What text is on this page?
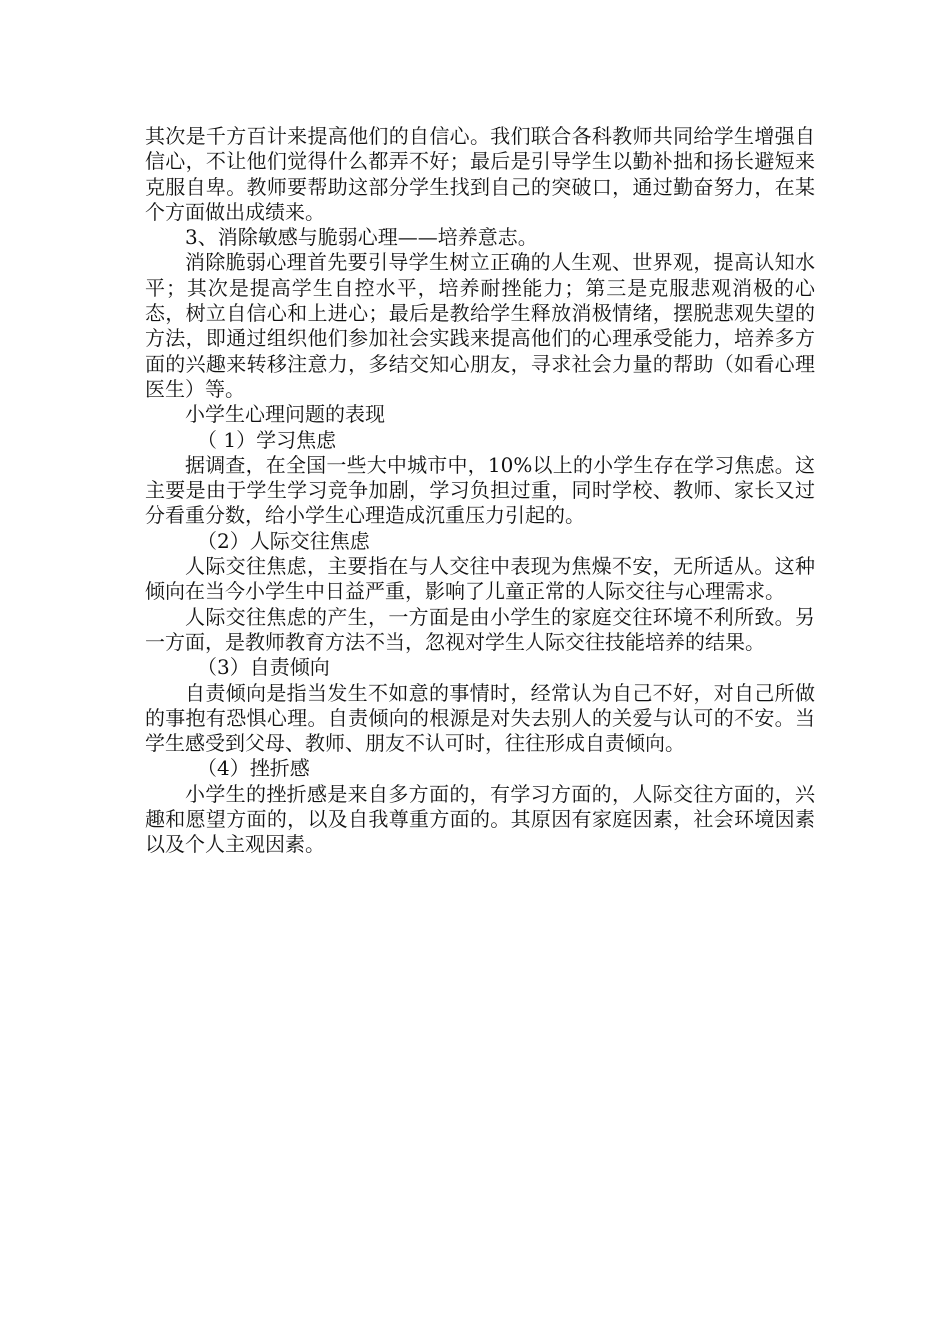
其次是千方百计来提高他们的自信心。我们联合各科教师共同给学生增强自信心，不让他们觉得什么都弄不好；最后是引导学生以勤补拙和扬长避短来克服自卑。教师要帮助这部分学生找到自己的突破口，通过勤奋努力，在某个方面做出成绩来。

3、消除敏感与脆弱心理——培养意志。

消除脆弱心理首先要引导学生树立正确的人生观、世界观，提高认知水平；其次是提高学生自控水平，培养耐挫能力；第三是克服悲观消极的心态，树立自信心和上进心；最后是教给学生释放消极情绪，摆脱悲观失望的方法，即通过组织他们参加社会实践来提高他们的心理承受能力，培养多方面的兴趣来转移注意力，多结交知心朋友，寻求社会力量的帮助（如看心理医生）等。

小学生心理问题的表现

（ 1）学习焦虑

据调查，在全国一些大中城市中，10%以上的小学生存在学习焦虑。这主要是由于学生学习竞争加剧，学习负担过重，同时学校、教师、家长又过分看重分数，给小学生心理造成沉重压力引起的。

（2）人际交往焦虑

人际交往焦虑，主要指在与人交往中表现为焦燥不安，无所适从。这种倾向在当今小学生中日益严重，影响了儿童正常的人际交往与心理需求。

人际交往焦虑的产生，一方面是由小学生的家庭交往环境不利所致。另一方面，是教师教育方法不当，忽视对学生人际交往技能培养的结果。

（3）自责倾向

自责倾向是指当发生不如意的事情时，经常认为自己不好，对自己所做的事抱有恐惧心理。自责倾向的根源是对失去别人的关爱与认可的不安。当学生感受到父母、教师、朋友不认可时，往往形成自责倾向。

（4）挫折感

小学生的挫折感是来自多方面的，有学习方面的，人际交往方面的，兴趣和愿望方面的，以及自我尊重方面的。其原因有家庭因素，社会环境因素以及个人主观因素。
